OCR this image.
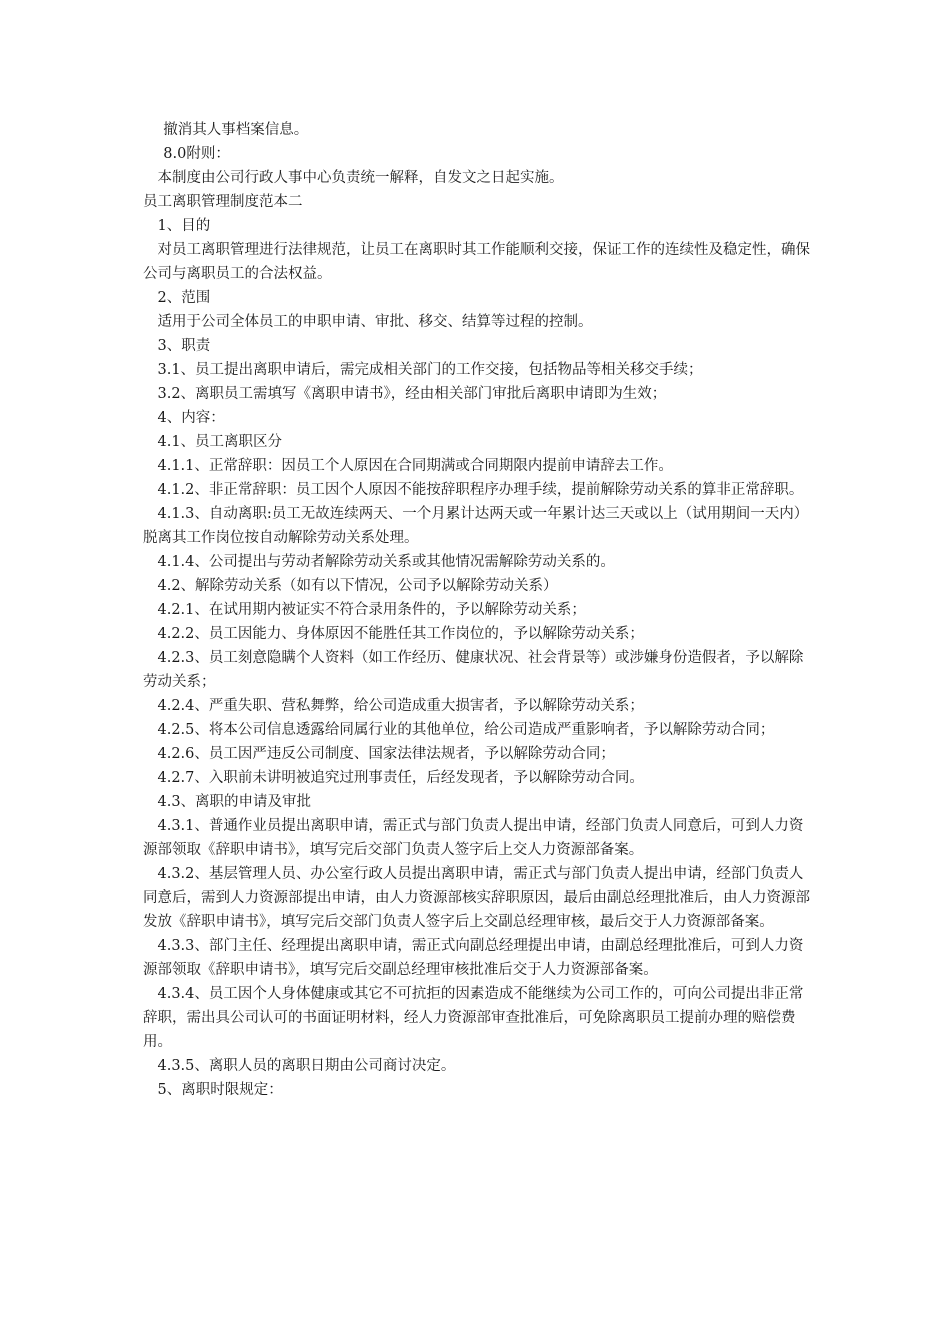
撤消其人事档案信息。

8.0附则：

本制度由公司行政人事中心负责统一解释，自发文之日起实施。

员工离职管理制度范本二

1、目的

对员工离职管理进行法律规范，让员工在离职时其工作能顺利交接，保证工作的连续性及稳定性，确保公司与离职员工的合法权益。

2、范围

适用于公司全体员工的申职申请、审批、移交、结算等过程的控制。

3、职责

3.1、员工提出离职申请后，需完成相关部门的工作交接，包括物品等相关移交手续；

3.2、离职员工需填写《离职申请书》，经由相关部门审批后离职申请即为生效；

4、内容：

4.1、员工离职区分

4.1.1、正常辞职：因员工个人原因在合同期满或合同期限内提前申请辞去工作。

4.1.2、非正常辞职：员工因个人原因不能按辞职程序办理手续，提前解除劳动关系的算非正常辞职。

4.1.3、自动离职:员工无故连续两天、一个月累计达两天或一年累计达三天或以上（试用期间一天内）脱离其工作岗位按自动解除劳动关系处理。

4.1.4、公司提出与劳动者解除劳动关系或其他情况需解除劳动关系的。

4.2、解除劳动关系（如有以下情况，公司予以解除劳动关系）

4.2.1、在试用期内被证实不符合录用条件的，予以解除劳动关系；

4.2.2、员工因能力、身体原因不能胜任其工作岗位的，予以解除劳动关系；

4.2.3、员工刻意隐瞒个人资料（如工作经历、健康状况、社会背景等）或涉嫌身份造假者，予以解除劳动关系；

4.2.4、严重失职、营私舞弊，给公司造成重大损害者，予以解除劳动关系；

4.2.5、将本公司信息透露给同属行业的其他单位，给公司造成严重影响者，予以解除劳动合同；

4.2.6、员工因严违反公司制度、国家法律法规者，予以解除劳动合同；

4.2.7、入职前未讲明被追究过刑事责任，后经发现者，予以解除劳动合同。

4.3、离职的申请及审批

4.3.1、普通作业员提出离职申请，需正式与部门负责人提出申请，经部门负责人同意后，可到人力资源部领取《辞职申请书》，填写完后交部门负责人签字后上交人力资源部备案。

4.3.2、基层管理人员、办公室行政人员提出离职申请，需正式与部门负责人提出申请，经部门负责人同意后，需到人力资源部提出申请，由人力资源部核实辞职原因，最后由副总经理批准后，由人力资源部发放《辞职申请书》，填写完后交部门负责人签字后上交副总经理审核，最后交于人力资源部备案。

4.3.3、部门主任、经理提出离职申请，需正式向副总经理提出申请，由副总经理批准后，可到人力资源部领取《辞职申请书》，填写完后交副总经理审核批准后交于人力资源部备案。

4.3.4、员工因个人身体健康或其它不可抗拒的因素造成不能继续为公司工作的，可向公司提出非正常辞职，需出具公司认可的书面证明材料，经人力资源部审查批准后，可免除离职员工提前办理的赔偿费用。

4.3.5、离职人员的离职日期由公司商讨决定。

5、离职时限规定：
